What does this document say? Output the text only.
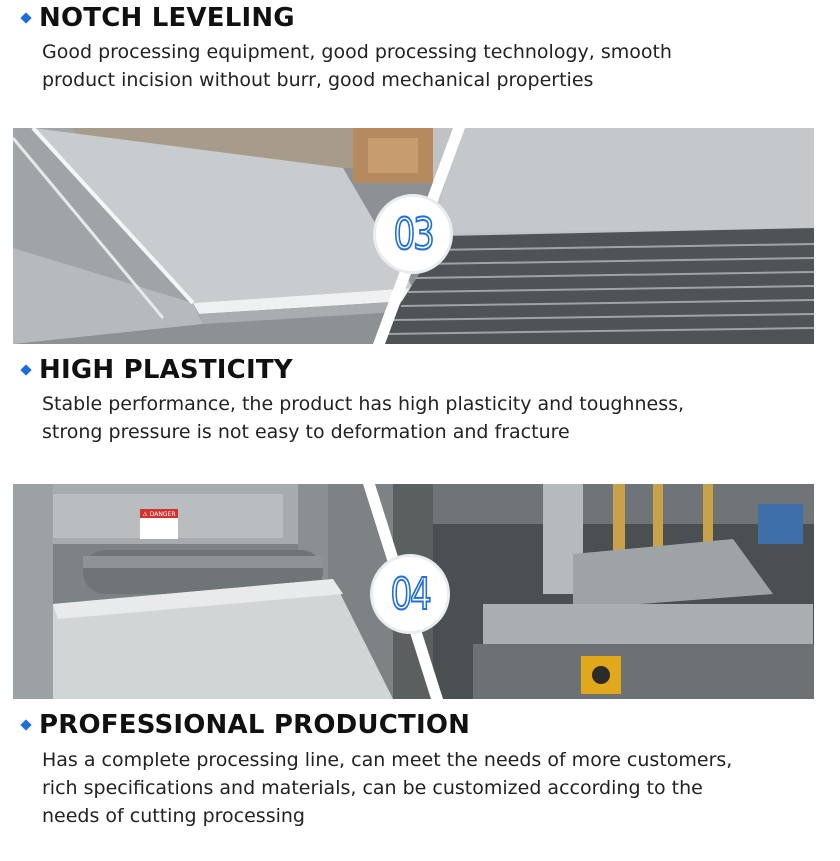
NOTCH LEVELING

Good processing equipment, good processing technology, smooth

product incision without burr, good mechanical properties

03
HIGH PLASTICITY

Stable performance, the product has high plasticity and toughness,

strong pressure is not easy to deformation and fracture

⚠ DANGER
04
PROFESSIONAL PRODUCTION

Has a complete processing line, can meet the needs of more customers,

rich specifications and materials, can be customized according to the

needs of cutting processing
